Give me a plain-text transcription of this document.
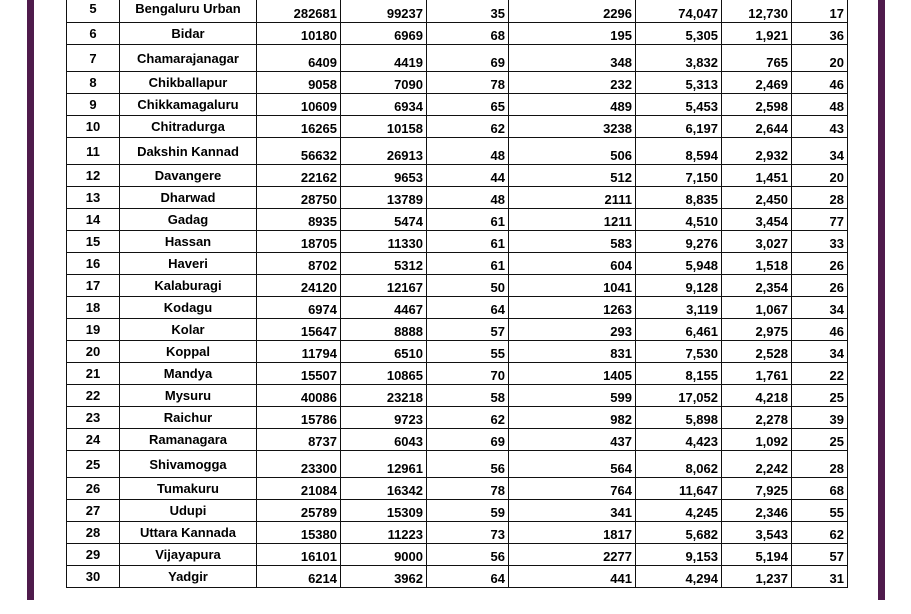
5	Bengaluru Urban	282681	99237	35	2296	74,047	12,730	17
6	Bidar	10180	6969	68	195	5,305	1,921	36
7	Chamarajanagar	6409	4419	69	348	3,832	765	20
8	Chikballapur	9058	7090	78	232	5,313	2,469	46
9	Chikkamagaluru	10609	6934	65	489	5,453	2,598	48
10	Chitradurga	16265	10158	62	3238	6,197	2,644	43
11	Dakshin Kannad	56632	26913	48	506	8,594	2,932	34
12	Davangere	22162	9653	44	512	7,150	1,451	20
13	Dharwad	28750	13789	48	2111	8,835	2,450	28
14	Gadag	8935	5474	61	1211	4,510	3,454	77
15	Hassan	18705	11330	61	583	9,276	3,027	33
16	Haveri	8702	5312	61	604	5,948	1,518	26
17	Kalaburagi	24120	12167	50	1041	9,128	2,354	26
18	Kodagu	6974	4467	64	1263	3,119	1,067	34
19	Kolar	15647	8888	57	293	6,461	2,975	46
20	Koppal	11794	6510	55	831	7,530	2,528	34
21	Mandya	15507	10865	70	1405	8,155	1,761	22
22	Mysuru	40086	23218	58	599	17,052	4,218	25
23	Raichur	15786	9723	62	982	5,898	2,278	39
24	Ramanagara	8737	6043	69	437	4,423	1,092	25
25	Shivamogga	23300	12961	56	564	8,062	2,242	28
26	Tumakuru	21084	16342	78	764	11,647	7,925	68
27	Udupi	25789	15309	59	341	4,245	2,346	55
28	Uttara Kannada	15380	11223	73	1817	5,682	3,543	62
29	Vijayapura	16101	9000	56	2277	9,153	5,194	57
30	Yadgir	6214	3962	64	441	4,294	1,237	31
